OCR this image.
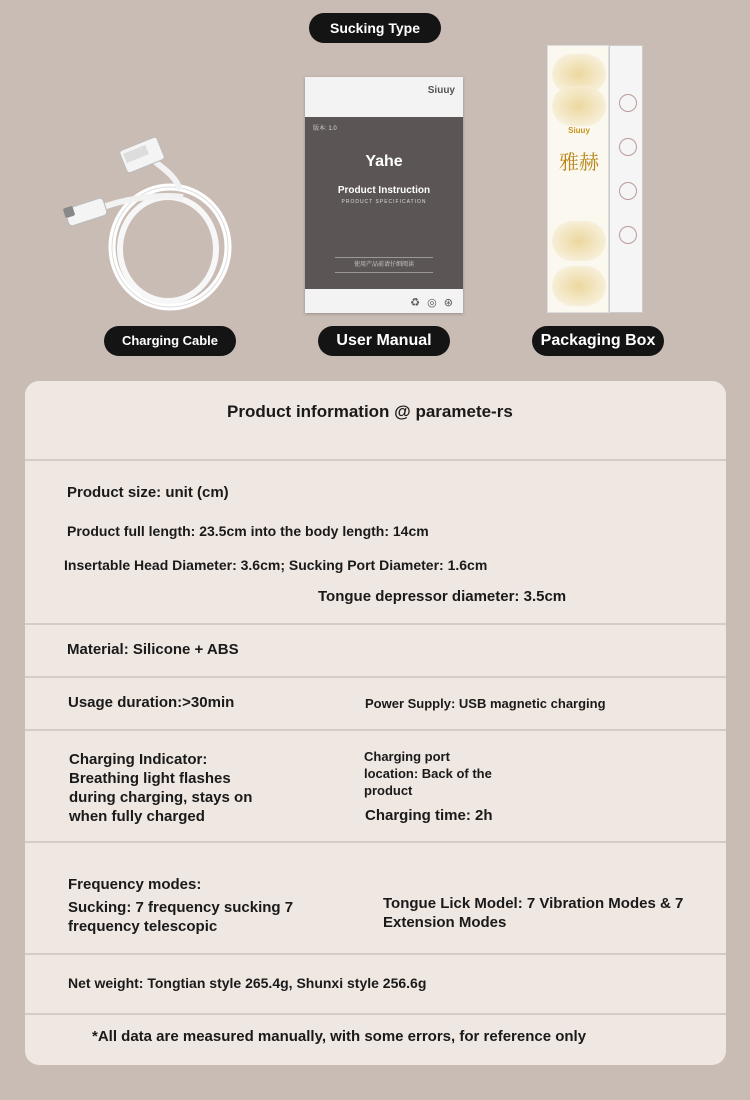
Sucking Type
Charging Cable
Siuuy
版本: 1.0
Yahe
Product Instruction
PRODUCT SPECIFICATION
使用产品前请仔细阅读
♻ ◎ ⊛
User Manual
Siuuy
雅赫
Packaging Box
Product information @ paramete-rs
Product size: unit (cm)
Product full length: 23.5cm into the body length: 14cm
Insertable Head Diameter: 3.6cm; Sucking Port Diameter: 1.6cm
Tongue depressor diameter: 3.5cm
Material: Silicone + ABS
Usage duration:>30min	Power Supply: USB magnetic charging
Charging Indicator: Breathing light flashes during charging, stays on when fully charged
Charging port location: Back of the product
Charging time: 2h
Frequency modes:
Sucking: 7 frequency sucking 7 frequency telescopic
Tongue Lick Model: 7 Vibration Modes & 7 Extension Modes
Net weight: Tongtian style 265.4g, Shunxi style 256.6g
*All data are measured manually, with some errors, for reference only
